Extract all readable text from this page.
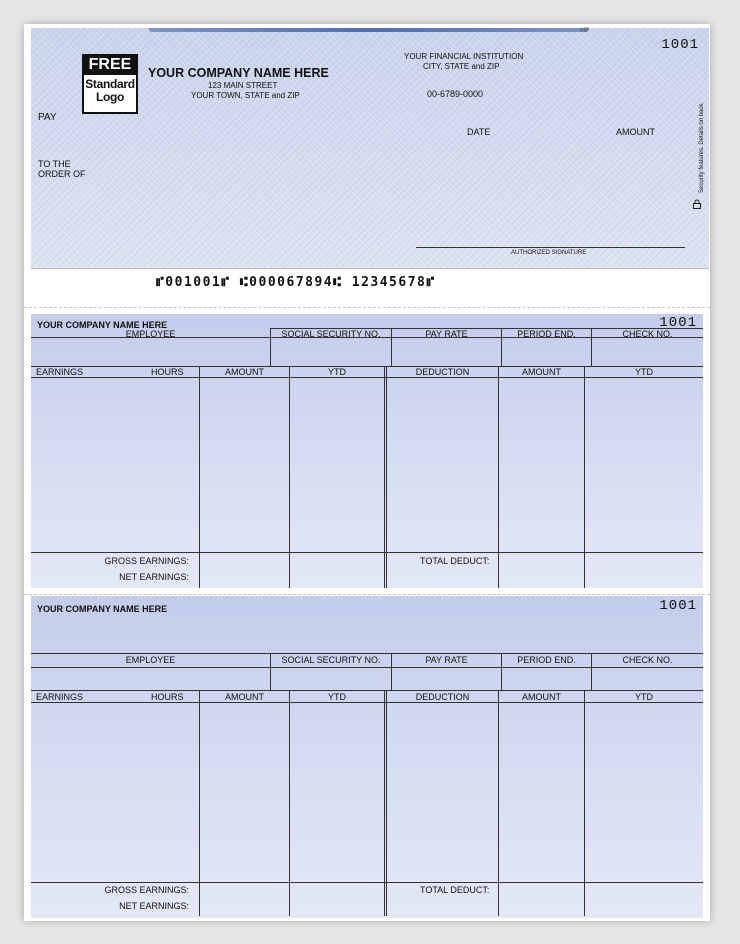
MP
1001
FREE
Standard
Logo
YOUR COMPANY NAME HERE
123 MAIN STREET
YOUR TOWN, STATE and ZIP
YOUR FINANCIAL INSTITUTION
CITY, STATE and ZIP
00-6789-0000
PAY
DATE	AMOUNT
TO THE ORDER OF	Security features. Details on back.
AUTHORIZED SIGNATURE
⑈001001⑈ ⑆000067894⑆ 12345678⑈
YOUR COMPANY NAME HERE	1001
EMPLOYEE	SOCIAL SECURITY NO.	PAY RATE	PERIOD END.	CHECK NO.
EARNINGS	HOURS	AMOUNT	YTD	DEDUCTION	AMOUNT	YTD
GROSS EARNINGS:
NET EARNINGS:
TOTAL DEDUCT:
YOUR COMPANY NAME HERE	1001
EMPLOYEE	SOCIAL SECURITY NO.	PAY RATE	PERIOD END.	CHECK NO.
EARNINGS	HOURS	AMOUNT	YTD	DEDUCTION	AMOUNT	YTD
GROSS EARNINGS:
NET EARNINGS:
TOTAL DEDUCT:
